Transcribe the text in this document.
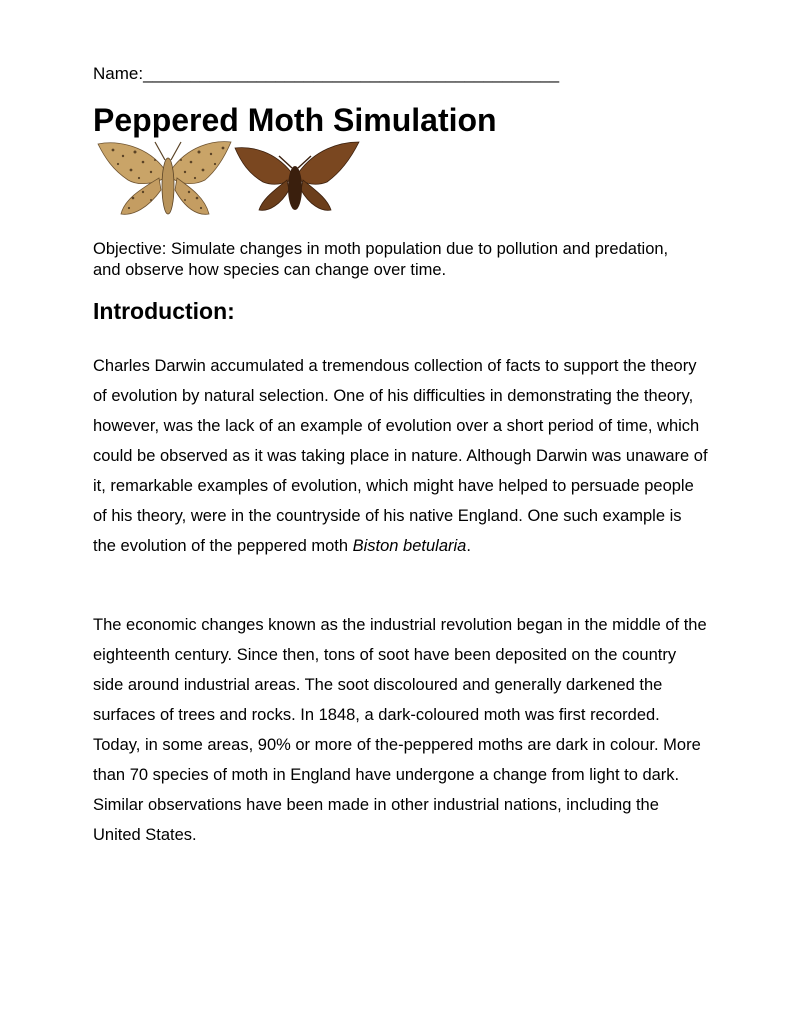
Name:____________________________________________
Peppered Moth Simulation

Objective: Simulate changes in moth population due to pollution and predation, and observe how species can change over time.

Introduction:

Charles Darwin accumulated a tremendous collection of facts to support the theory of evolution by natural selection. One of his difficulties in demonstrating the theory, however, was the lack of an example of evolution over a short period of time, which could be observed as it was taking place in nature. Although Darwin was unaware of it, remarkable examples of evolution, which might have helped to persuade people of his theory, were in the countryside of his native England. One such example is the evolution of the peppered moth Biston betularia.

The economic changes known as the industrial revolution began in the middle of the eighteenth century. Since then, tons of soot have been deposited on the country side around industrial areas. The soot discoloured and generally darkened the surfaces of trees and rocks. In 1848, a dark-coloured moth was first recorded. Today, in some areas, 90% or more of the-peppered moths are dark in colour. More than 70 species of moth in England have undergone a change from light to dark. Similar observations have been made in other industrial nations, including the United States.
